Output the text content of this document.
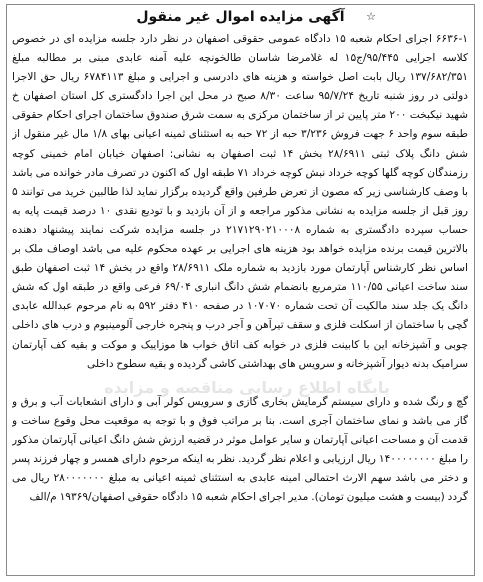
آگهی مزایده اموال غیر منقول ☆

۶۶۳۶-۱ اجرای احکام شعبه ۱۵ دادگاه عمومی حقوقی اصفهان در نظر دارد جلسه مزایده ای در خصوص کلاسه اجرایی ۹۵/۴۴۵/ج۱۵ له غلامرضا شاسان طالخونچه علیه آمنه عابدی مبنی بر مطالبه مبلغ ۱۳۷/۶۸۲/۳۵۱ ریال بابت اصل خواسته و هزینه های دادرسی و اجرایی و مبلغ ۶۷۸۴۱۱۳ ریال حق الاجرا دولتی در روز شنبه تاریخ ۹۵/۷/۲۴ ساعت ۸/۳۰ صبح در محل این اجرا دادگستری کل استان اصفهان خ شهید نیکبخت ۲۰۰ متر پایین تر از ساختمان مرکزی به سمت شرق صندوق ساختمان اجرای احکام حقوقی طبقه سوم واحد ۶ جهت فروش ۳/۲۳۶ حبه از ۷۲ حبه به استثنای ثمینه اعیانی بهای ۱/۸ مال غیر منقول از شش دانگ پلاک ثبتی ۲۸/۶۹۱۱ بخش ۱۴ ثبت اصفهان به نشانی: اصفهان خیابان امام خمینی کوچه رزمندگان کوچه گلها کوچه خرداد نبش کوچه خرداد ۷۱ طبقه اول که اکنون در تصرف مادر خوانده می باشد با وصف کارشناسی زیر که مصون از تعرض طرفین واقع گردیده برگزار نماید لذا طالبین خرید می توانند ۵ روز قبل از جلسه مزایده به نشانی مذکور مراجعه و از آن بازدید و با تودیع نقدی ۱۰ درصد قیمت پایه به حساب سپرده دادگستری به شماره ۲۱۷۱۲۹۰۲۱۰۰۰۸ در جلسه مزایده شرکت نمایند پیشنهاد دهنده بالاترین قیمت برنده مزایده خواهد بود هزینه های اجرایی بر عهده محکوم علیه می باشد اوصاف ملک بر اساس نظر کارشناس آپارتمان مورد بازدید به شماره ملک ۲۸/۶۹۱۱ واقع در بخش ۱۴ ثبت اصفهان طبق سند ساخت اعیانی ۱۱۰/۵۵ مترمربع بانضمام شش دانگ انباری ۶۹/۰۴ فرعی واقع در طبقه اول که شش دانگ یک جلد سند مالکیت آن تحت شماره ۱۰۷۰۷۰ در صفحه ۴۱۰ دفتر ۵۹۲ به نام مرحوم عبدالله عابدی گچی با ساختمان از اسکلت فلزی و سقف تیرآهن و آجر درب و پنجره خارجی آلومینیوم و درب های داخلی چوبی و آشپزخانه این با کابینت فلزی در خوابه کف اتاق خواب ها موزاییک و موکت و بقیه کف آپارتمان سرامیک بدنه دیوار آشپزخانه و سرویس های بهداشتی کاشی گردیده و بقیه سطوح داخلی

گچ و رنگ شده و دارای سیستم گرمایش بخاری گازی و سرویس کولر آبی و دارای انشعابات آب و برق و گاز می باشد و نمای ساختمان آجری است. بنا بر مراتب فوق و با توجه به موقعیت محل وقوع ساخت و قدمت آن و مساحت اعیانی آپارتمان و سایر عوامل موثر در قضیه ارزش شش دانگ اعیانی آپارتمان مذکور را مبلغ ۱۴۰۰۰۰۰۰۰۰ ریال ارزیابی و اعلام نظر گردید. نظر به اینکه مرحوم دارای همسر و چهار فرزند پسر و دختر می باشد سهم الارث احتمالی امینه عابدی به استثنای ثمینه اعیانی به مبلغ ۲۸۰۰۰۰۰۰۰ ریال می گردد (بیست و هشت میلیون تومان). مدیر اجرای احکام شعبه ۱۵ دادگاه حقوقی اصفهان/۱۹۳۶۹ م/الف

پایگاه اطلاع رسانی مناقصه و مزایده
